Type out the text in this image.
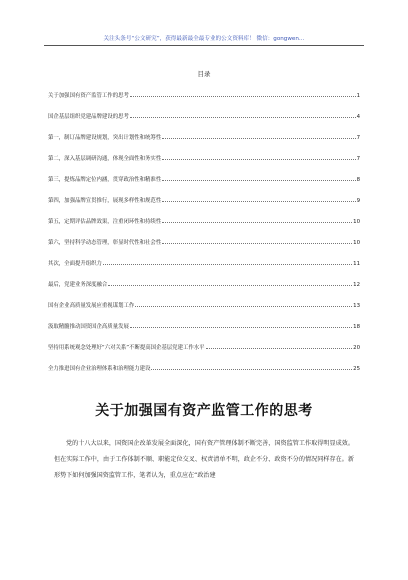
关注头条号“公文研究”，获得最新最全最专业的公文资料库！ 微信：gongwen…
目录
关于加强国有资产监管工作的思考	1
国企基层组织党建品牌建设的思考	4
第一，制订品牌建设规划，突出计划性和统筹性	7
第二，深入基层调研沟通，体现全面性和务实性	7
第三，提炼品牌定位内涵，贯穿政治性和精准性	8
第四，加强品牌宣贯推行，展现多样性和规范性	9
第五，定期评估品牌效果，注重闭环性和持续性	10
第六，坚持科学动态管理，彰显时代性和社会性	10
其次，全面提升组织力	11
最后，党建业务深度融合	12
国有企业高质量发展应重视谋划工作	13
汲取精髓推动国资国企高质量发展	18
坚持用系统观念处理好“六对关系”不断提高国企基层党建工作水平	20
全力推进国有企业治理体系和治理能力建设	25
关于加强国有资产监管工作的思考

党的十八大以来，国资国企改革发展全面深化，国有资产管理体制不断完善，国资监管工作取得明显成效。但在实际工作中，由于工作体制不顺、职能定位交叉、权责清单不明，政企不分、政资不分的情况同样存在。新形势下如何加强国资监管工作，笔者认为，重点应在“政治建
